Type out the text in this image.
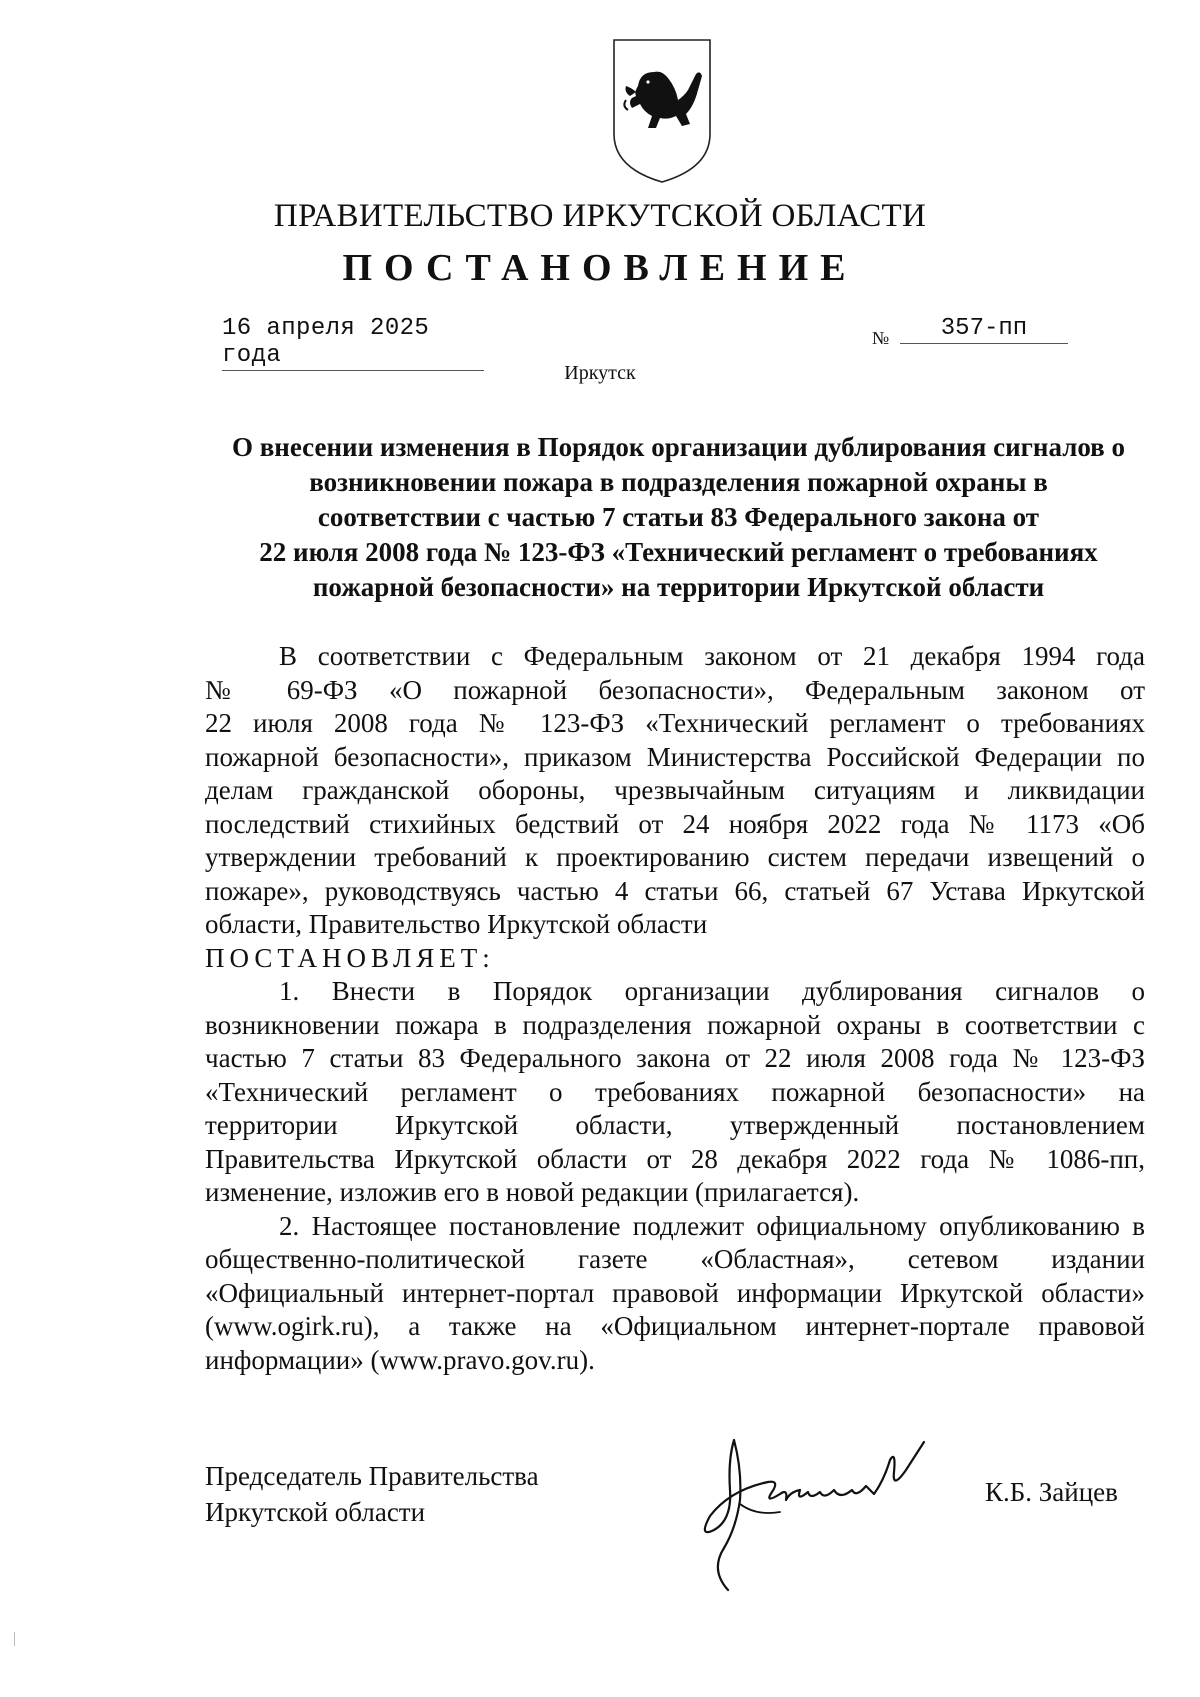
ПРАВИТЕЛЬСТВО ИРКУТСКОЙ ОБЛАСТИ
ПОСТАНОВЛЕНИЕ
16 апреля 2025 года
№	357-пп
Иркутск
О внесении изменения в Порядок организации дублирования сигналов о
возникновении пожара в подразделения пожарной охраны в
соответствии с частью 7 статьи 83 Федерального закона от
22 июля 2008 года № 123-ФЗ «Технический регламент о требованиях
пожарной безопасности» на территории Иркутской области
В соответствии с Федеральным законом от 21 декабря 1994 года
№ 69-ФЗ «О пожарной безопасности», Федеральным законом от
22 июля 2008 года № 123-ФЗ «Технический регламент о требованиях
пожарной безопасности», приказом Министерства Российской Федерации по
делам гражданской обороны, чрезвычайным ситуациям и ликвидации
последствий стихийных бедствий от 24 ноября 2022 года № 1173 «Об
утверждении требований к проектированию систем передачи извещений о
пожаре», руководствуясь частью 4 статьи 66, статьей 67 Устава Иркутской
области, Правительство Иркутской области
ПОСТАНОВЛЯЕТ:
1. Внести в Порядок организации дублирования сигналов о
возникновении пожара в подразделения пожарной охраны в соответствии с
частью 7 статьи 83 Федерального закона от 22 июля 2008 года № 123-ФЗ
«Технический регламент о требованиях пожарной безопасности» на
территории Иркутской области, утвержденный постановлением
Правительства Иркутской области от 28 декабря 2022 года № 1086-пп,
изменение, изложив его в новой редакции (прилагается).
2. Настоящее постановление подлежит официальному опубликованию в
общественно-политической газете «Областная», сетевом издании
«Официальный интернет-портал правовой информации Иркутской области»
(www.ogirk.ru), а также на «Официальном интернет-портале правовой
информации» (www.pravo.gov.ru).
Председатель Правительства
Иркутской области
К.Б. Зайцев
